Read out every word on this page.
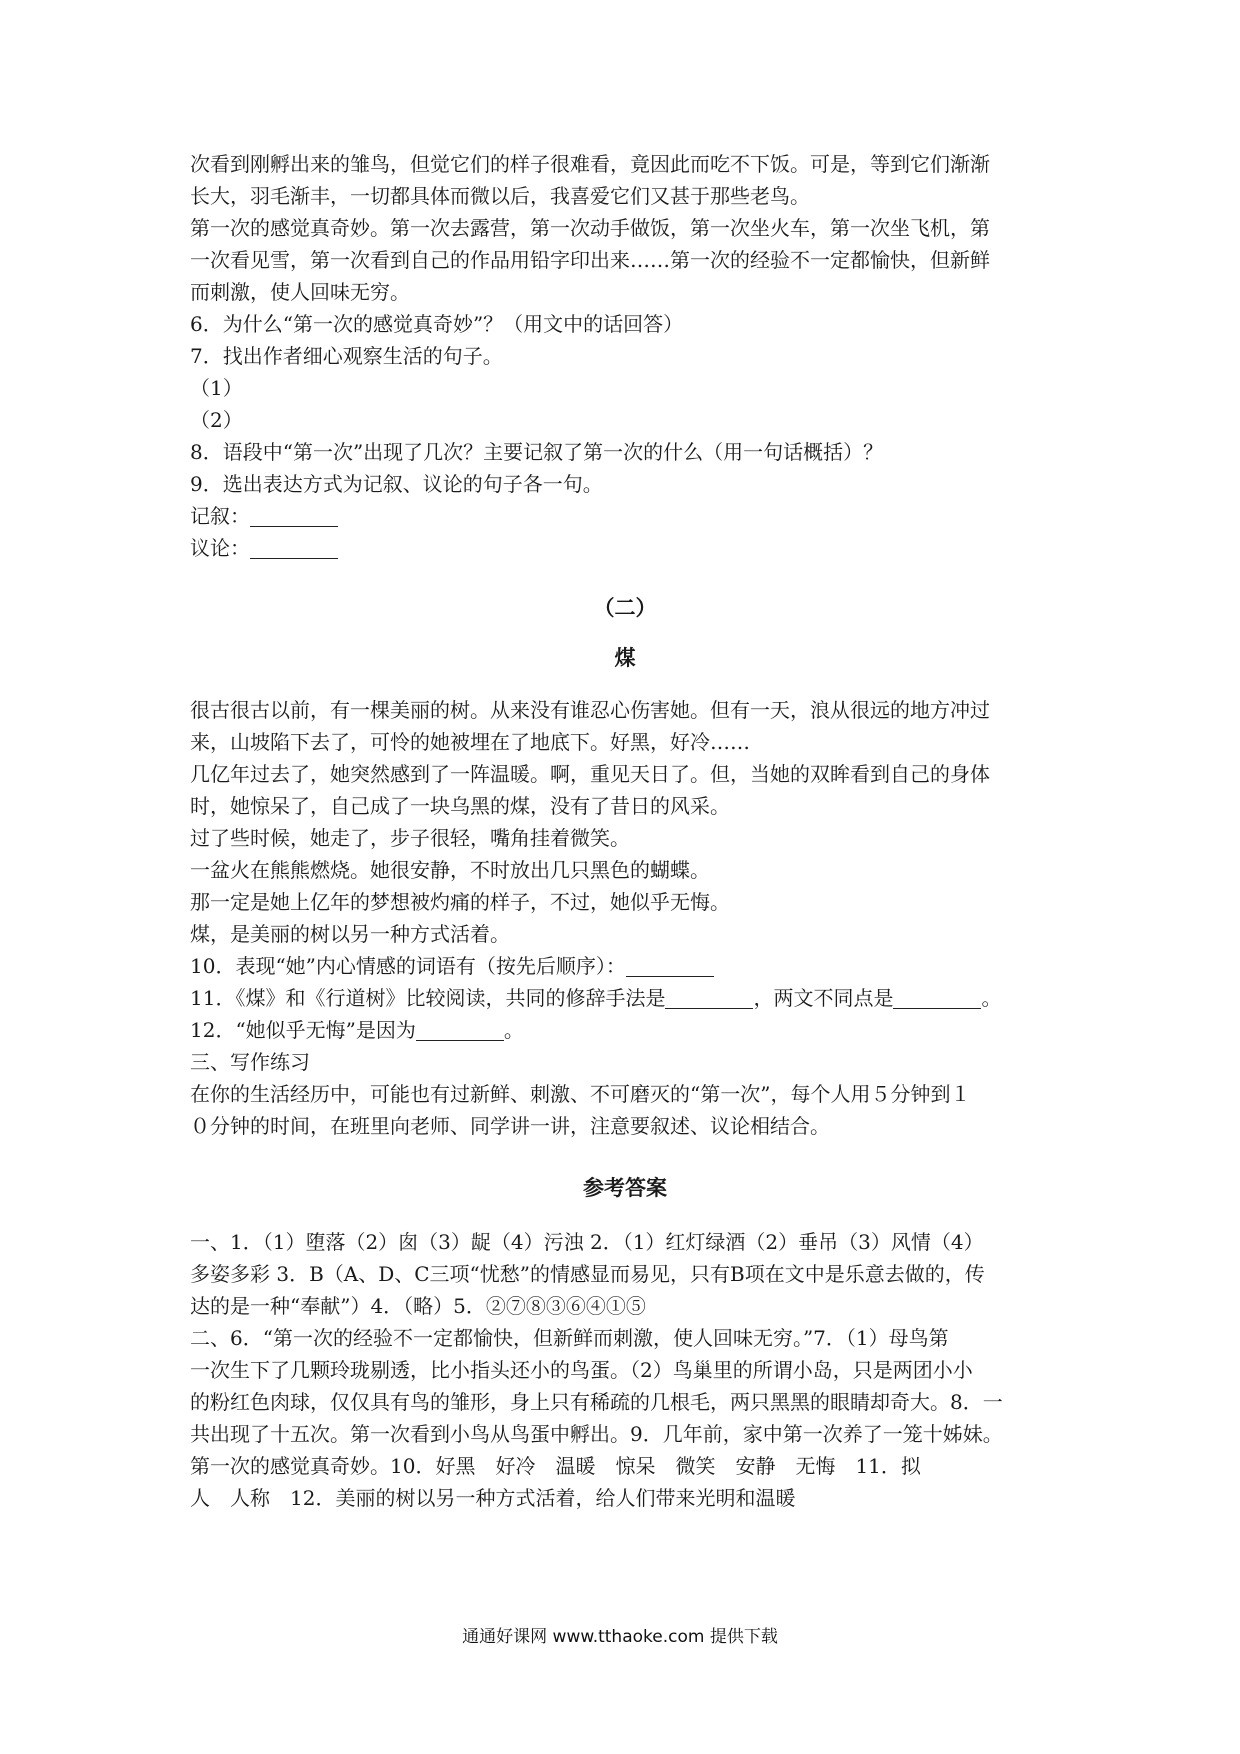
次看到刚孵出来的雏鸟，但觉它们的样子很难看，竟因此而吃不下饭。可是，等到它们渐渐
长大，羽毛渐丰，一切都具体而微以后，我喜爱它们又甚于那些老鸟。
第一次的感觉真奇妙。第一次去露营，第一次动手做饭，第一次坐火车，第一次坐飞机，第
一次看见雪，第一次看到自己的作品用铅字印出来……第一次的经验不一定都愉快，但新鲜
而刺激，使人回味无穷。
6．为什么“第一次的感觉真奇妙”？（用文中的话回答）
7．找出作者细心观察生活的句子。
（1）
（2）
8．语段中“第一次”出现了几次？主要记叙了第一次的什么（用一句话概括）？
9．选出表达方式为记叙、议论的句子各一句。
记叙：
议论：
（二）
煤
很古很古以前，有一棵美丽的树。从来没有谁忍心伤害她。但有一天，浪从很远的地方冲过
来，山坡陷下去了，可怜的她被埋在了地底下。好黑，好冷……
几亿年过去了，她突然感到了一阵温暖。啊，重见天日了。但，当她的双眸看到自己的身体
时，她惊呆了，自己成了一块乌黑的煤，没有了昔日的风采。
过了些时候，她走了，步子很轻，嘴角挂着微笑。
一盆火在熊熊燃烧。她很安静，不时放出几只黑色的蝴蝶。
那一定是她上亿年的梦想被灼痛的样子，不过，她似乎无悔。
煤，是美丽的树以另一种方式活着。
10．表现“她”内心情感的词语有（按先后顺序）：
11．《煤》和《行道树》比较阅读，共同的修辞手法是	，两文不同点是	。
12．“她似乎无悔”是因为	。
三、写作练习
在你的生活经历中，可能也有过新鲜、刺激、不可磨灭的“第一次”，每个人用５分钟到１
０分钟的时间，在班里向老师、同学讲一讲，注意要叙述、议论相结合。
参考答案
一、1．（1）堕落（2）囱（3）龊（4）污浊 2．（1）红灯绿酒（2）垂吊（3）风情（4）
多姿多彩 3．B（A、D、C三项“忧愁”的情感显而易见，只有B项在文中是乐意去做的，传
达的是一种“奉献”）4．（略）5．②⑦⑧③⑥④①⑤
二、6．“第一次的经验不一定都愉快，但新鲜而刺激，使人回味无穷。”7．（1）母鸟第
一次生下了几颗玲珑剔透，比小指头还小的鸟蛋。（2）鸟巢里的所谓小岛，只是两团小小
的粉红色肉球，仅仅具有鸟的雏形，身上只有稀疏的几根毛，两只黑黑的眼睛却奇大。8．一
共出现了十五次。第一次看到小鸟从鸟蛋中孵出。9．几年前，家中第一次养了一笼十姊妹。
第一次的感觉真奇妙。10．好黑　好冷　温暖　惊呆　微笑　安静　无悔　11．拟
人　人称　12．美丽的树以另一种方式活着，给人们带来光明和温暖
通通好课网 www.tthaoke.com 提供下载
